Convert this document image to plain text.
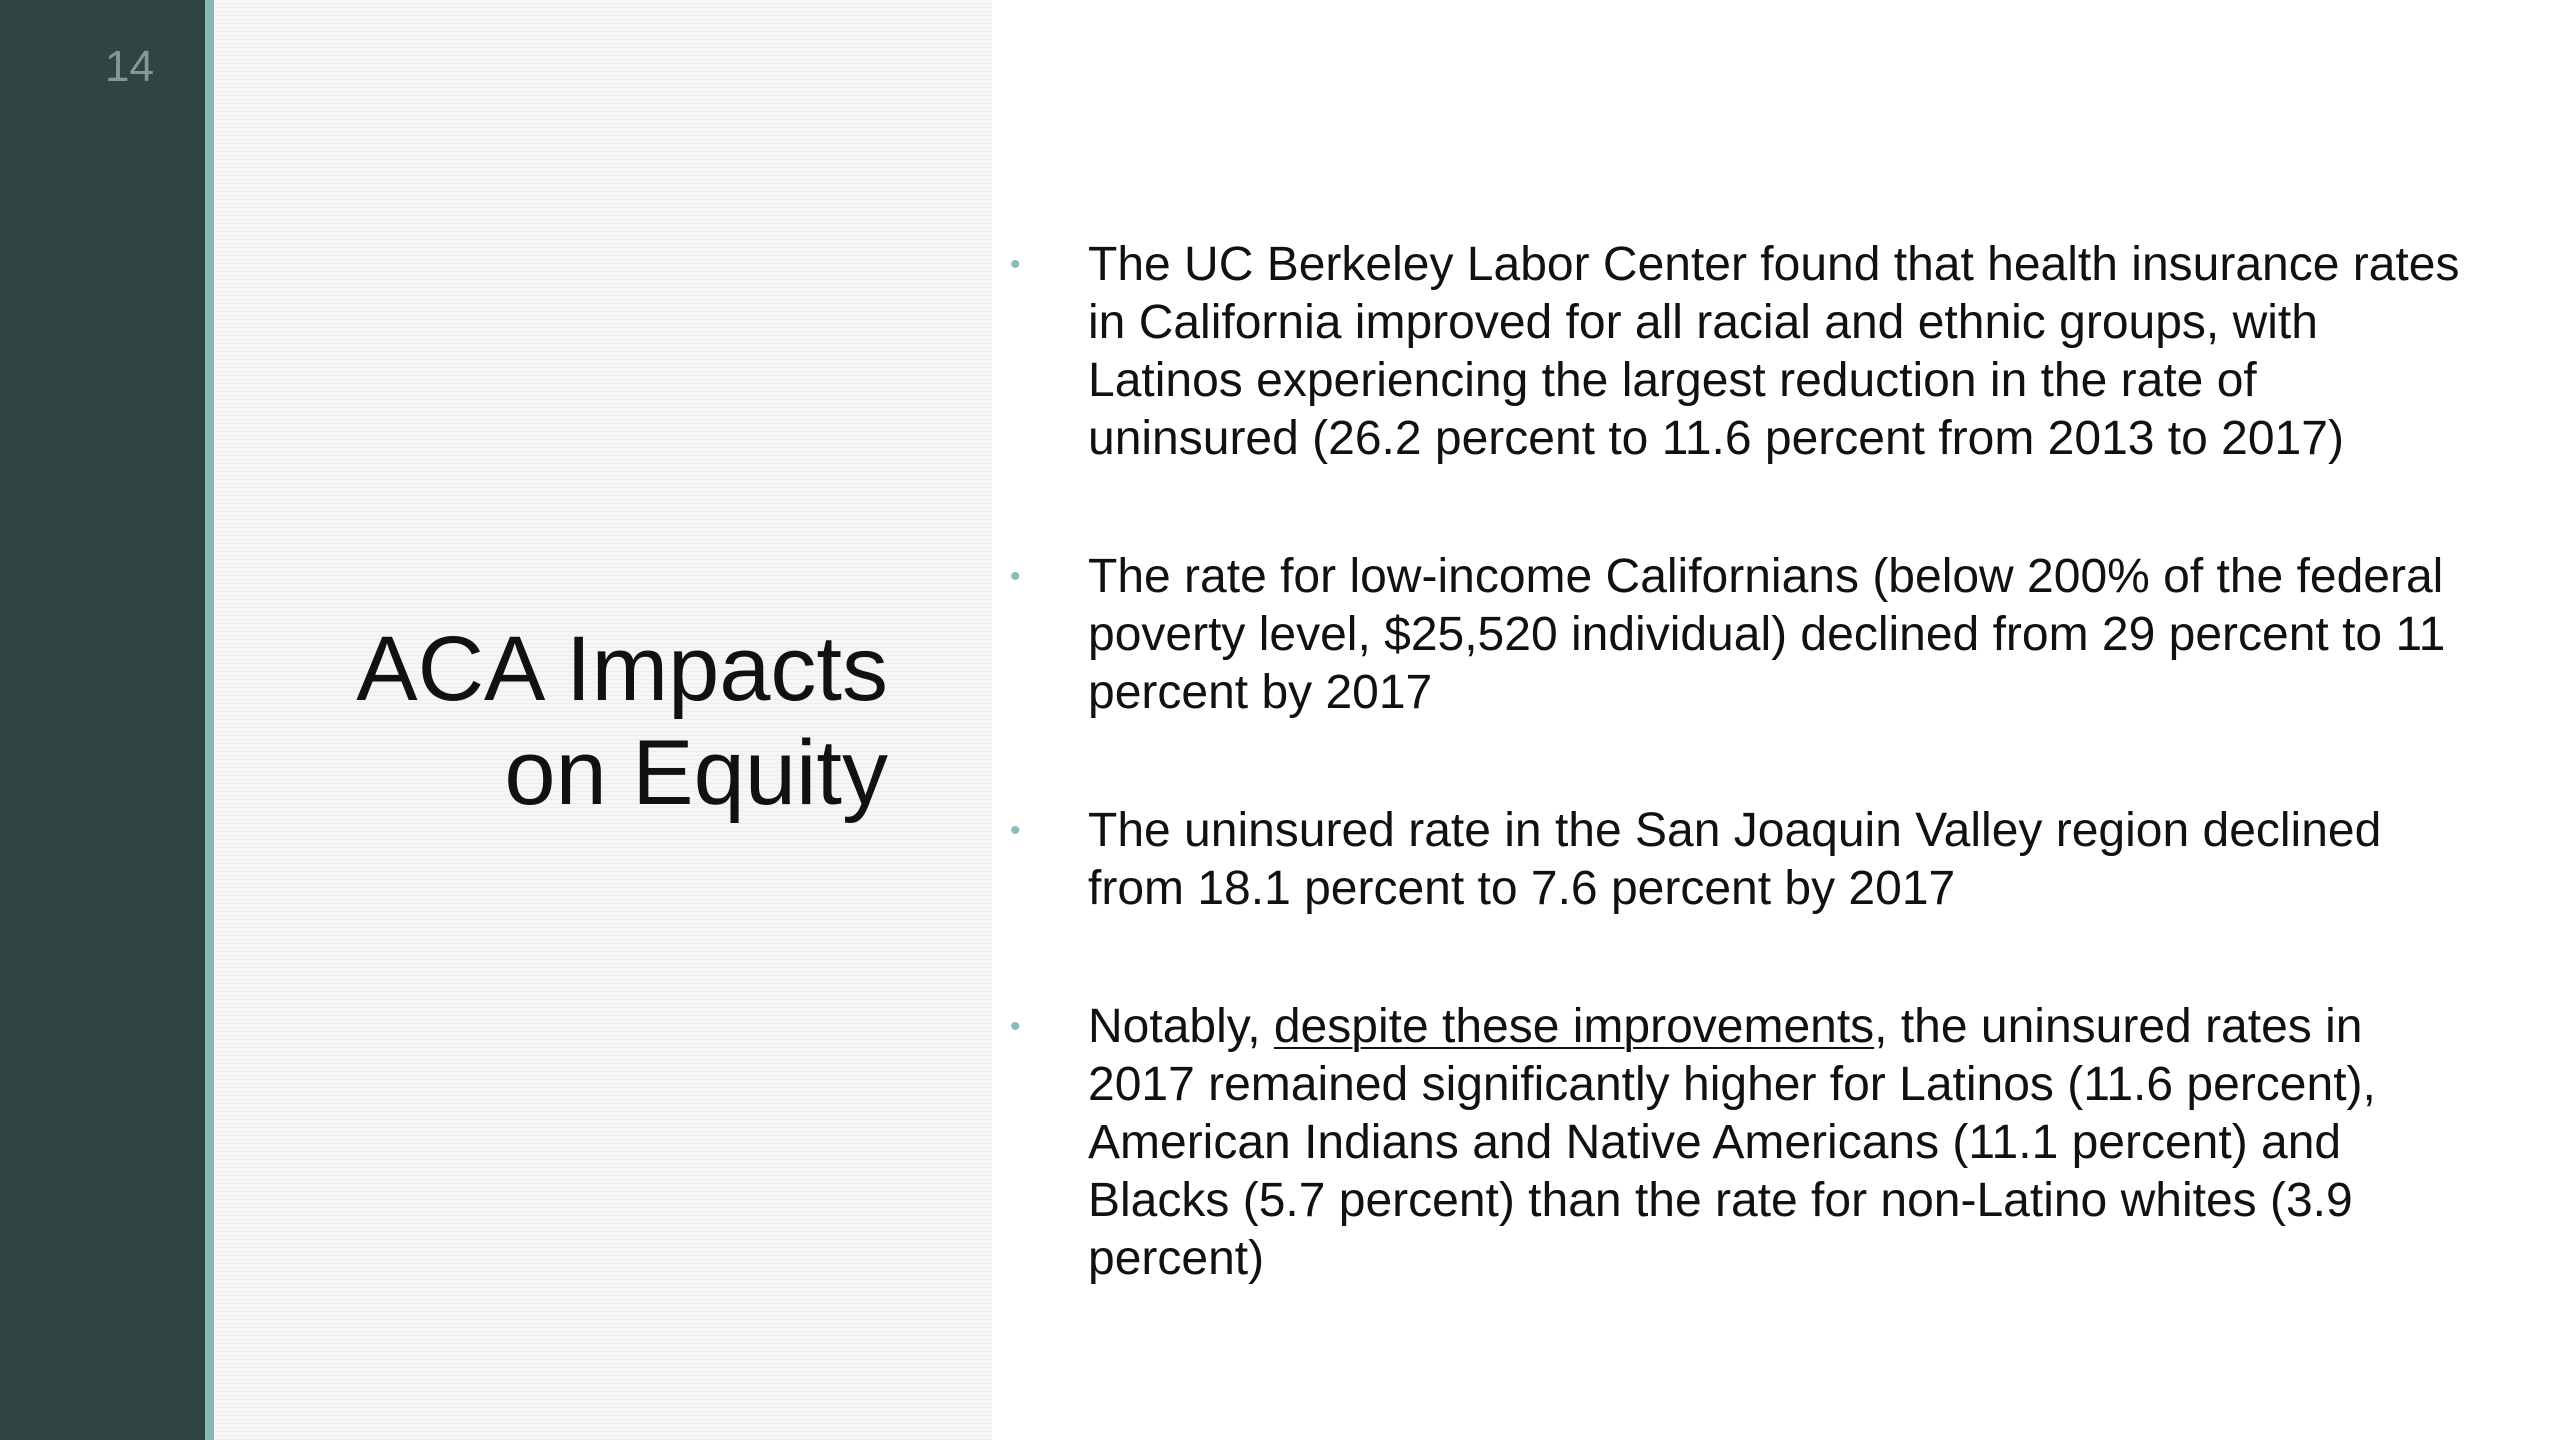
14
ACA Impacts
on Equity
• The UC Berkeley Labor Center found that health insurance rates in California improved for all racial and ethnic groups, with Latinos experiencing the largest reduction in the rate of uninsured (26.2 percent to 11.6 percent from 2013 to 2017)
• The rate for low-income Californians (below 200% of the federal poverty level, $25,520 individual) declined from 29 percent to 11 percent by 2017
• The uninsured rate in the San Joaquin Valley region declined from 18.1 percent to 7.6 percent by 2017
• Notably, despite these improvements, the uninsured rates in 2017 remained significantly higher for Latinos (11.6 percent), American Indians and Native Americans (11.1 percent) and Blacks (5.7 percent) than the rate for non-Latino whites (3.9 percent)
